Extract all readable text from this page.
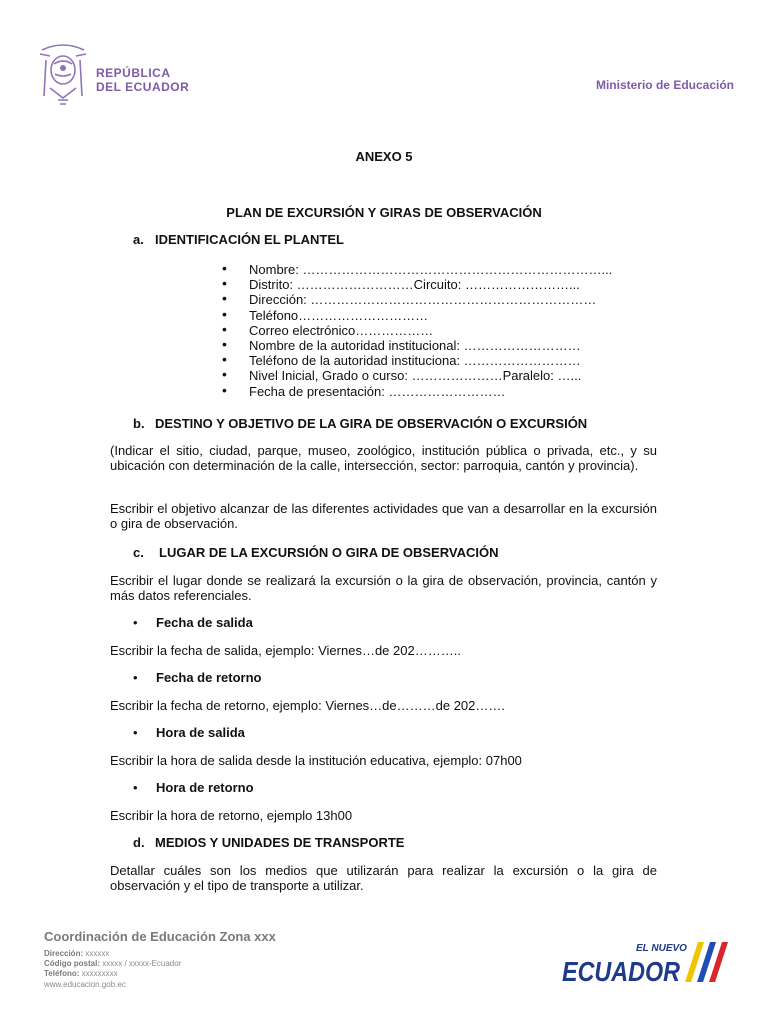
REPÚBLICA
DEL ECUADOR	Ministerio de Educación
ANEXO 5
PLAN DE EXCURSIÓN Y GIRAS DE OBSERVACIÓN
a. IDENTIFICACIÓN EL PLANTEL
• Nombre: ……………………………………………………………...
• Distrito: ………………………Circuito: ……………………...
• Dirección: …………………………………………………………
• Teléfono…………………………
• Correo electrónico………………
• Nombre de la autoridad institucional: ………………………
• Teléfono de la autoridad instituciona: ………………………
• Nivel Inicial, Grado o curso: …………………Paralelo: …...
• Fecha de presentación: ………………………
b. DESTINO Y OBJETIVO DE LA GIRA DE OBSERVACIÓN O EXCURSIÓN
(Indicar el sitio, ciudad, parque, museo, zoológico, institución pública o privada, etc., y su ubicación con determinación de la calle, intersección, sector: parroquia, cantón y provincia).
Escribir el objetivo alcanzar de las diferentes actividades que van a desarrollar en la excursión o gira de observación.
c. LUGAR DE LA EXCURSIÓN O GIRA DE OBSERVACIÓN
Escribir el lugar donde se realizará la excursión o la gira de observación, provincia, cantón y más datos referenciales.
• Fecha de salida
Escribir la fecha de salida, ejemplo: Viernes…de 202………..
• Fecha de retorno
Escribir la fecha de retorno, ejemplo: Viernes…de………de 202…….
• Hora de salida
Escribir la hora de salida desde la institución educativa, ejemplo: 07h00
• Hora de retorno
Escribir la hora de retorno, ejemplo 13h00
d. MEDIOS Y UNIDADES DE TRANSPORTE
Detallar cuáles son los medios que utilizarán para realizar la excursión o la gira de observación y el tipo de transporte a utilizar.
Coordinación de Educación Zona xxx
Dirección: xxxxxx
Código postal: xxxxx / xxxxx-Ecuador
Teléfono: xxxxxxxxx
www.educacion.gob.ec
EL NUEVO
ECUADOR
